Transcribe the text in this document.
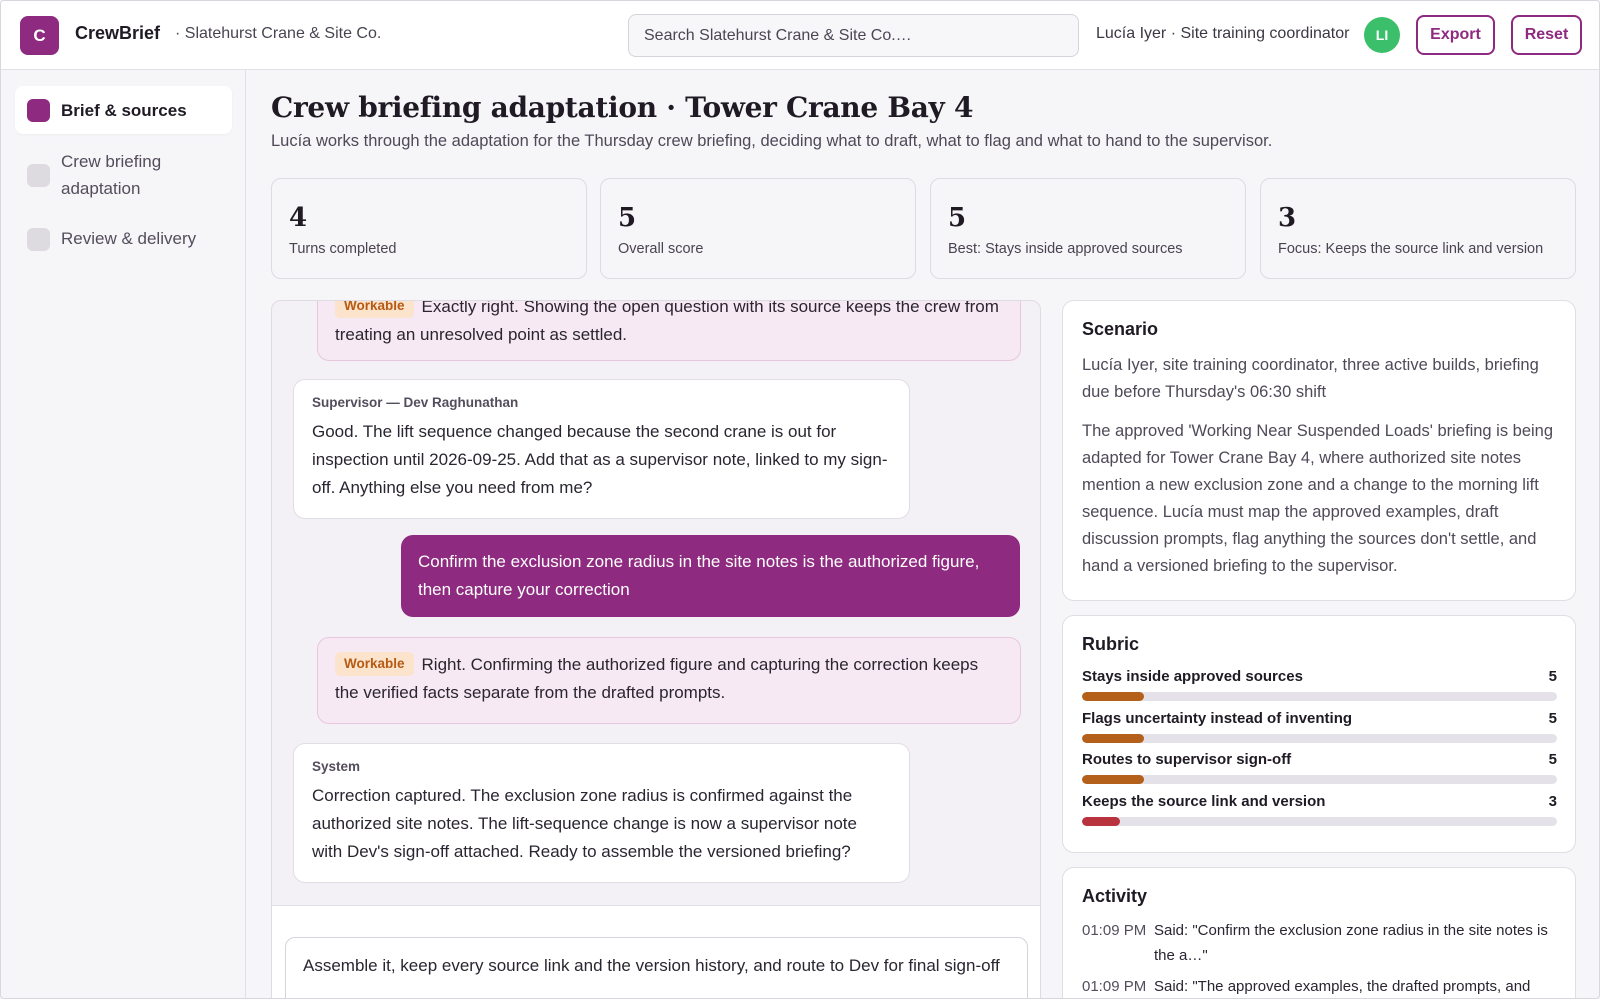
C	CrewBrief · Slatehurst Crane & Site Co.
Search Slatehurst Crane & Site Co.…	Lucía Iyer · Site training coordinator	LI	Export	Reset
Brief & sources
Crew briefing adaptation
Review & delivery
Crew briefing adaptation · Tower Crane Bay 4
Lucía works through the adaptation for the Thursday crew briefing, deciding what to draft, what to flag and what to hand to the supervisor.
4
Turns completed
5
Overall score
5
Best: Stays inside approved sources
3
Focus: Keeps the source link and version
Workable Exactly right. Showing the open question with its source keeps the crew from treating an unresolved point as settled.
Supervisor — Dev Raghunathan
Good. The lift sequence changed because the second crane is out for inspection until 2026-09-25. Add that as a supervisor note, linked to my sign-off. Anything else you need from me?
Confirm the exclusion zone radius in the site notes is the authorized figure, then capture your correction
Workable Right. Confirming the authorized figure and capturing the correction keeps the verified facts separate from the drafted prompts.
System
Correction captured. The exclusion zone radius is confirmed against the authorized site notes. The lift-sequence change is now a supervisor note with Dev's sign-off attached. Ready to assemble the versioned briefing?
Assemble it, keep every source link and the version history, and route to Dev for final sign-off
Scenario
Lucía Iyer, site training coordinator, three active builds, briefing due before Thursday's 06:30 shift
The approved 'Working Near Suspended Loads' briefing is being adapted for Tower Crane Bay 4, where authorized site notes mention a new exclusion zone and a change to the morning lift sequence. Lucía must map the approved examples, draft discussion prompts, flag anything the sources don't settle, and hand a versioned briefing to the supervisor.
Rubric
Stays inside approved sources	5
Flags uncertainty instead of inventing	5
Routes to supervisor sign-off	5
Keeps the source link and version	3
Activity
01:09 PM Said: "Confirm the exclusion zone radius in the site notes is the a…"
01:09 PM Said: "The approved examples, the drafted prompts, and
